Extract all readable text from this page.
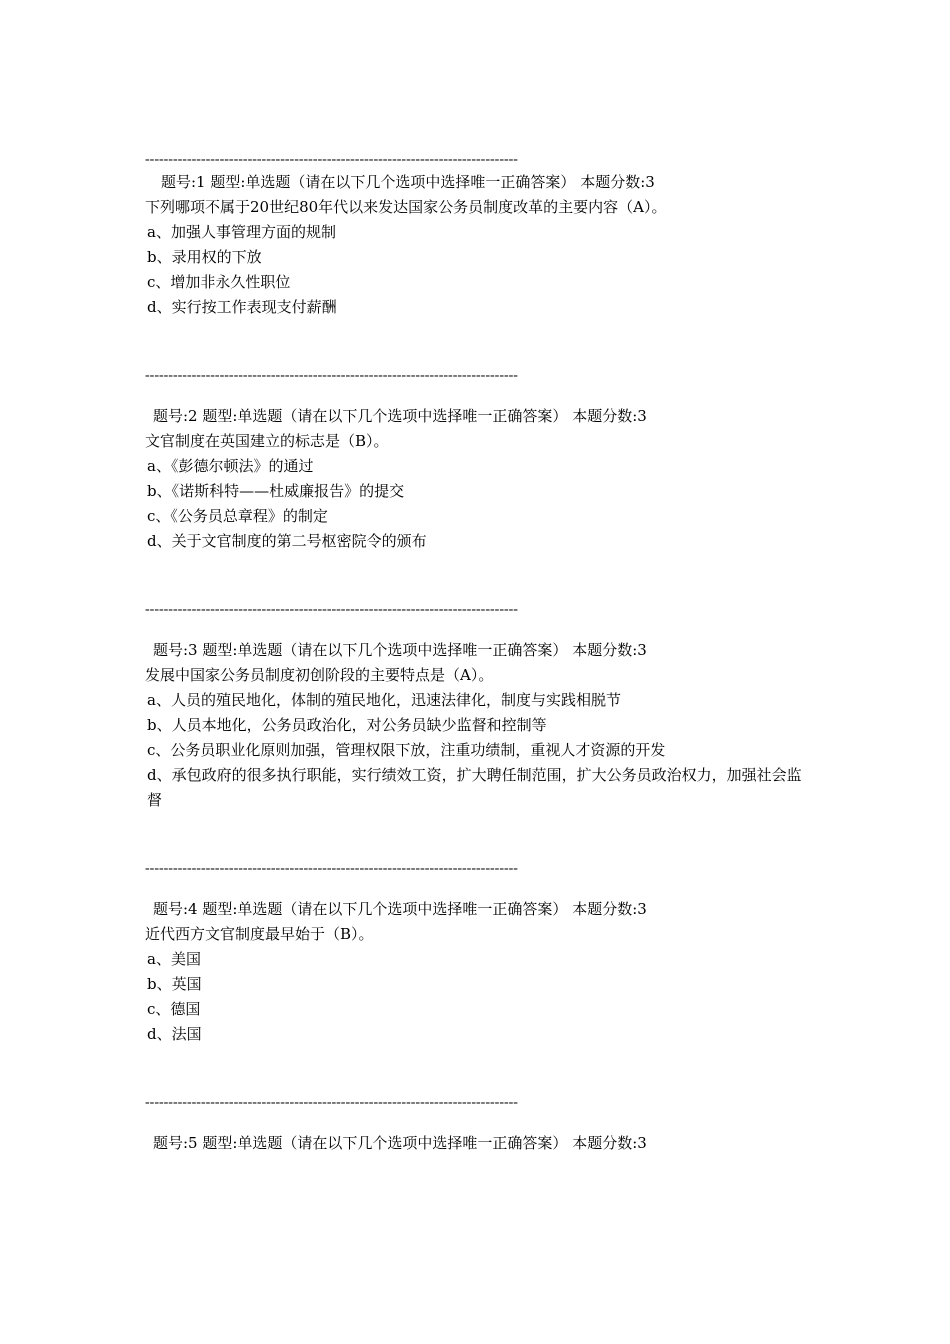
--------------------------------------------------------------------------------
题号:1 题型:单选题（请在以下几个选项中选择唯一正确答案） 本题分数:3
下列哪项不属于20世纪80年代以来发达国家公务员制度改革的主要内容（A）。
a、加强人事管理方面的规制
b、录用权的下放
c、增加非永久性职位
d、实行按工作表现支付薪酬
--------------------------------------------------------------------------------
题号:2 题型:单选题（请在以下几个选项中选择唯一正确答案） 本题分数:3
文官制度在英国建立的标志是（B）。
a、《彭德尔顿法》的通过
b、《诺斯科特——杜威廉报告》的提交
c、《公务员总章程》的制定
d、关于文官制度的第二号枢密院令的颁布
--------------------------------------------------------------------------------
题号:3 题型:单选题（请在以下几个选项中选择唯一正确答案） 本题分数:3
发展中国家公务员制度初创阶段的主要特点是（A）。
a、人员的殖民地化，体制的殖民地化，迅速法律化，制度与实践相脱节
b、人员本地化，公务员政治化，对公务员缺少监督和控制等
c、公务员职业化原则加强，管理权限下放，注重功绩制，重视人才资源的开发
d、承包政府的很多执行职能，实行绩效工资，扩大聘任制范围，扩大公务员政治权力，加强社会监督
--------------------------------------------------------------------------------
题号:4 题型:单选题（请在以下几个选项中选择唯一正确答案） 本题分数:3
近代西方文官制度最早始于（B）。
a、美国
b、英国
c、德国
d、法国
--------------------------------------------------------------------------------
题号:5 题型:单选题（请在以下几个选项中选择唯一正确答案） 本题分数:3
